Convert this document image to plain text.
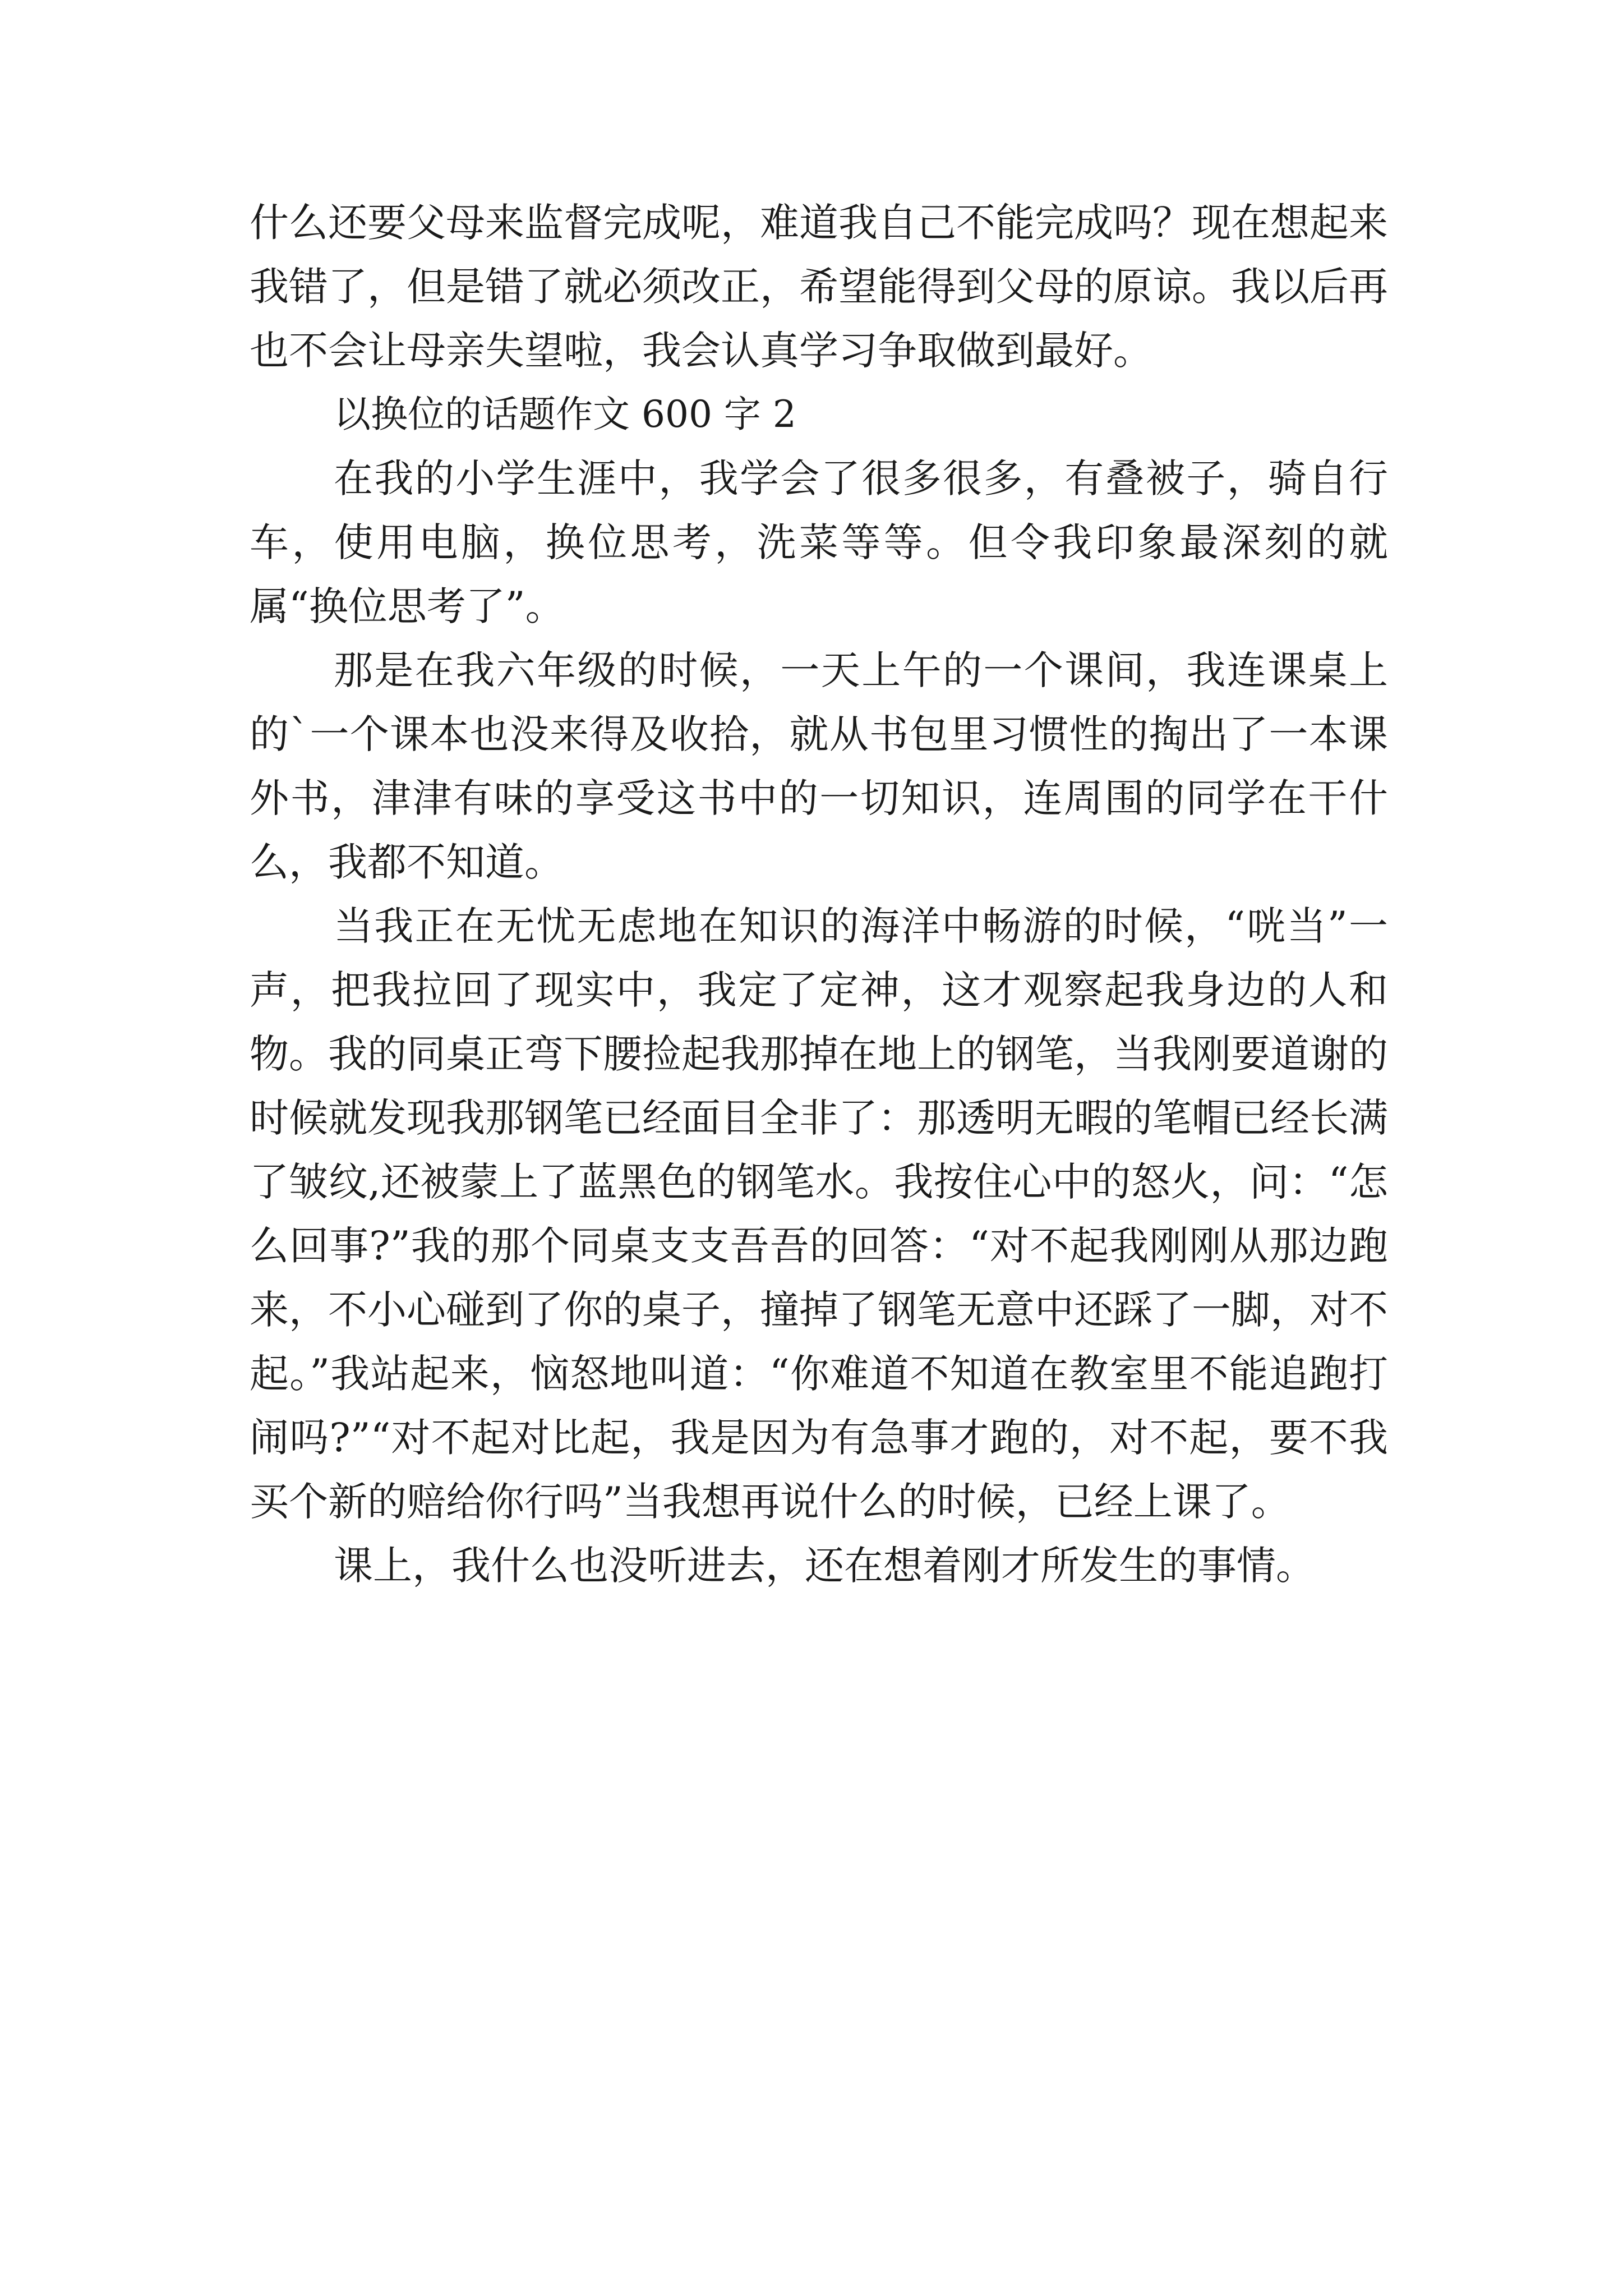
什么还要父母来监督完成呢，难道我自己不能完成吗？现在想起来我错了，但是错了就必须改正，希望能得到父母的原谅。我以后再也不会让母亲失望啦，我会认真学习争取做到最好。

以换位的话题作文 600 字 2

在我的小学生涯中，我学会了很多很多，有叠被子，骑自行车，使用电脑，换位思考，洗菜等等。但令我印象最深刻的就属“换位思考了”。

那是在我六年级的时候，一天上午的一个课间，我连课桌上的`一个课本也没来得及收拾，就从书包里习惯性的掏出了一本课外书，津津有味的享受这书中的一切知识，连周围的同学在干什么，我都不知道。

当我正在无忧无虑地在知识的海洋中畅游的时候，“咣当”一声，把我拉回了现实中，我定了定神，这才观察起我身边的人和物。我的同桌正弯下腰捡起我那掉在地上的钢笔，当我刚要道谢的时候就发现我那钢笔已经面目全非了：那透明无暇的笔帽已经长满了皱纹,还被蒙上了蓝黑色的钢笔水。我按住心中的怒火，问：“怎么回事?”我的那个同桌支支吾吾的回答：“对不起我刚刚从那边跑来，不小心碰到了你的桌子，撞掉了钢笔无意中还踩了一脚，对不起。”我站起来，恼怒地叫道：“你难道不知道在教室里不能追跑打闹吗?”“对不起对比起，我是因为有急事才跑的，对不起，要不我买个新的赔给你行吗”当我想再说什么的时候，已经上课了。

课上，我什么也没听进去，还在想着刚才所发生的事情。
